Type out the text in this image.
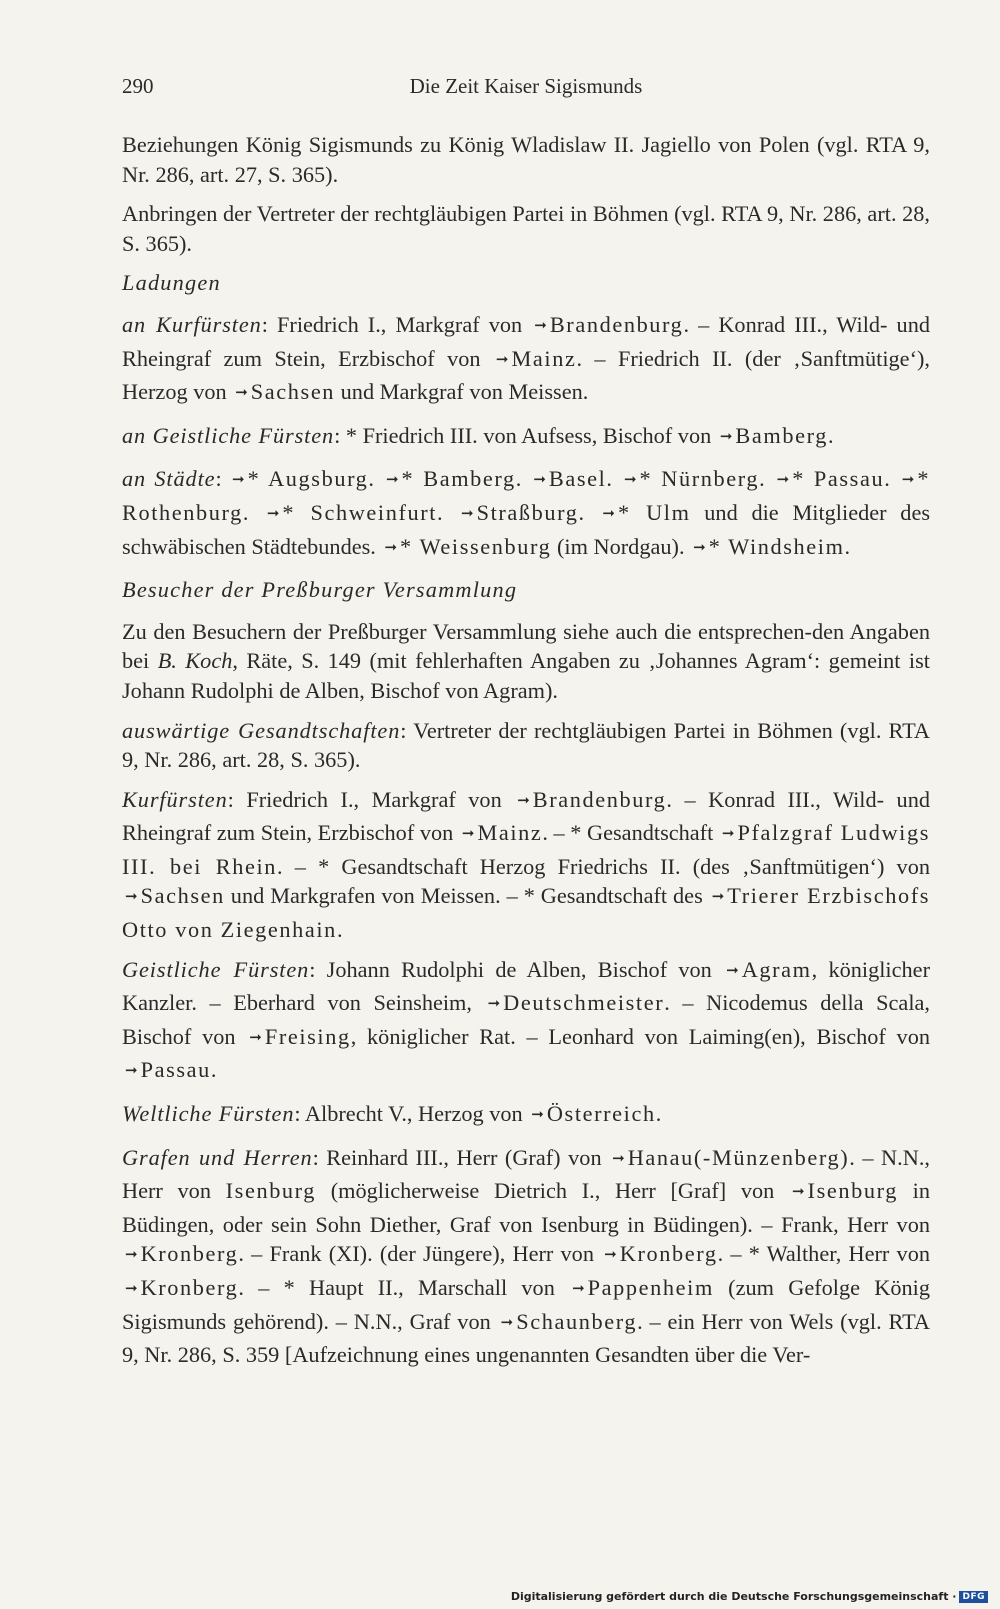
290	Die Zeit Kaiser Sigismunds

Beziehungen König Sigismunds zu König Wladislaw II. Jagiello von Polen (vgl. RTA 9, Nr. 286, art. 27, S. 365).

Anbringen der Vertreter der rechtgläubigen Partei in Böhmen (vgl. RTA 9, Nr. 286, art. 28, S. 365).

Ladungen

an Kurfürsten: Friedrich I., Markgraf von ➞ Brandenburg. – Konrad III., Wild- und Rheingraf zum Stein, Erzbischof von ➞ Mainz. – Friedrich II. (der ‚Sanftmütige‘), Herzog von ➞ Sachsen und Markgraf von Meissen.

an Geistliche Fürsten: * Friedrich III. von Aufsess, Bischof von ➞ Bamberg.

an Städte: ➞ * Augsburg. ➞ * Bamberg. ➞ Basel. ➞ * Nürnberg. ➞ * Passau. ➞ * Rothenburg. ➞ * Schweinfurt. ➞ Straßburg. ➞ * Ulm und die Mitglieder des schwäbischen Städtebundes. ➞ * Weissenburg (im Nordgau). ➞ * Windsheim.

Besucher der Preßburger Versammlung

Zu den Besuchern der Preßburger Versammlung siehe auch die entsprechen-den Angaben bei B. Koch, Räte, S. 149 (mit fehlerhaften Angaben zu ‚Johannes Agram‘: gemeint ist Johann Rudolphi de Alben, Bischof von Agram).

auswärtige Gesandtschaften: Vertreter der rechtgläubigen Partei in Böhmen (vgl. RTA 9, Nr. 286, art. 28, S. 365).

Kurfürsten: Friedrich I., Markgraf von ➞ Brandenburg. – Konrad III., Wild- und Rheingraf zum Stein, Erzbischof von ➞ Mainz. – * Gesandtschaft ➞ Pfalzgraf Ludwigs III. bei Rhein. – * Gesandtschaft Herzog Friedrichs II. (des ‚Sanftmütigen‘) von ➞ Sachsen und Markgrafen von Meissen. – * Gesandtschaft des ➞ Trierer Erzbischofs Otto von Ziegenhain.

Geistliche Fürsten: Johann Rudolphi de Alben, Bischof von ➞ Agram, königlicher Kanzler. – Eberhard von Seinsheim, ➞ Deutschmeister. – Nicodemus della Scala, Bischof von ➞ Freising, königlicher Rat. – Leonhard von Laiming(en), Bischof von ➞ Passau.

Weltliche Fürsten: Albrecht V., Herzog von ➞ Österreich.

Grafen und Herren: Reinhard III., Herr (Graf) von ➞ Hanau(-Münzenberg). – N.N., Herr von Isenburg (möglicherweise Dietrich I., Herr [Graf] von ➞ Isenburg in Büdingen, oder sein Sohn Diether, Graf von Isenburg in Büdingen). – Frank, Herr von ➞ Kronberg. – Frank (XI). (der Jüngere), Herr von ➞ Kronberg. – * Walther, Herr von ➞ Kronberg. – * Haupt II., Marschall von ➞ Pappenheim (zum Gefolge König Sigismunds gehörend). – N.N., Graf von ➞ Schaunberg. – ein Herr von Wels (vgl. RTA 9, Nr. 286, S. 359 [Aufzeichnung eines ungenannten Gesandten über die Ver-

Digitalisierung gefördert durch die Deutsche Forschungsgemeinschaft · DFG
